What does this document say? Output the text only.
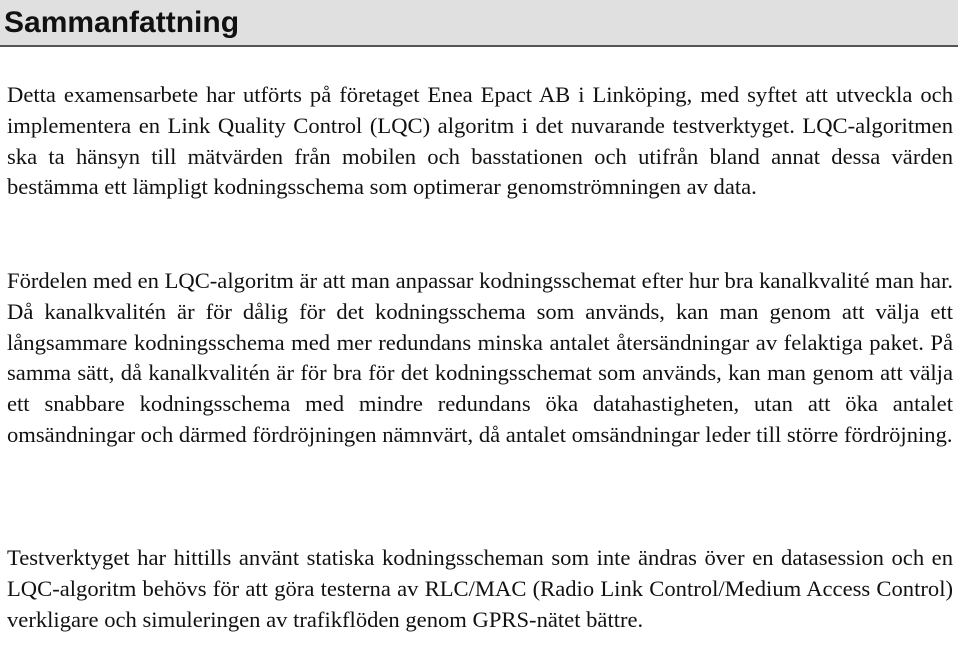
Sammanfattning

Detta examensarbete har utförts på företaget Enea Epact AB i Linköping, med syftet att utveckla och implementera en Link Quality Control (LQC) algoritm i det nuvarande testverktyget. LQC-algoritmen ska ta hänsyn till mätvärden från mobilen och basstationen och utifrån bland annat dessa värden bestämma ett lämpligt kodningsschema som optimerar genomströmningen av data.

Fördelen med en LQC-algoritm är att man anpassar kodningsschemat efter hur bra kanalkvalité man har. Då kanalkvalitén är för dålig för det kodningsschema som används, kan man genom att välja ett långsammare kodningsschema med mer redundans minska antalet återsändningar av felaktiga paket. På samma sätt, då kanalkvalitén är för bra för det kodningsschemat som används, kan man genom att välja ett snabbare kodningsschema med mindre redundans öka datahastigheten, utan att öka antalet omsändningar och därmed fördröjningen nämnvärt, då antalet omsändningar leder till större fördröjning.

Testverktyget har hittills använt statiska kodningsscheman som inte ändras över en datasession och en LQC-algoritm behövs för att göra testerna av RLC/MAC (Radio Link Control/Medium Access Control) verkligare och simuleringen av trafikflöden genom GPRS-nätet bättre.
